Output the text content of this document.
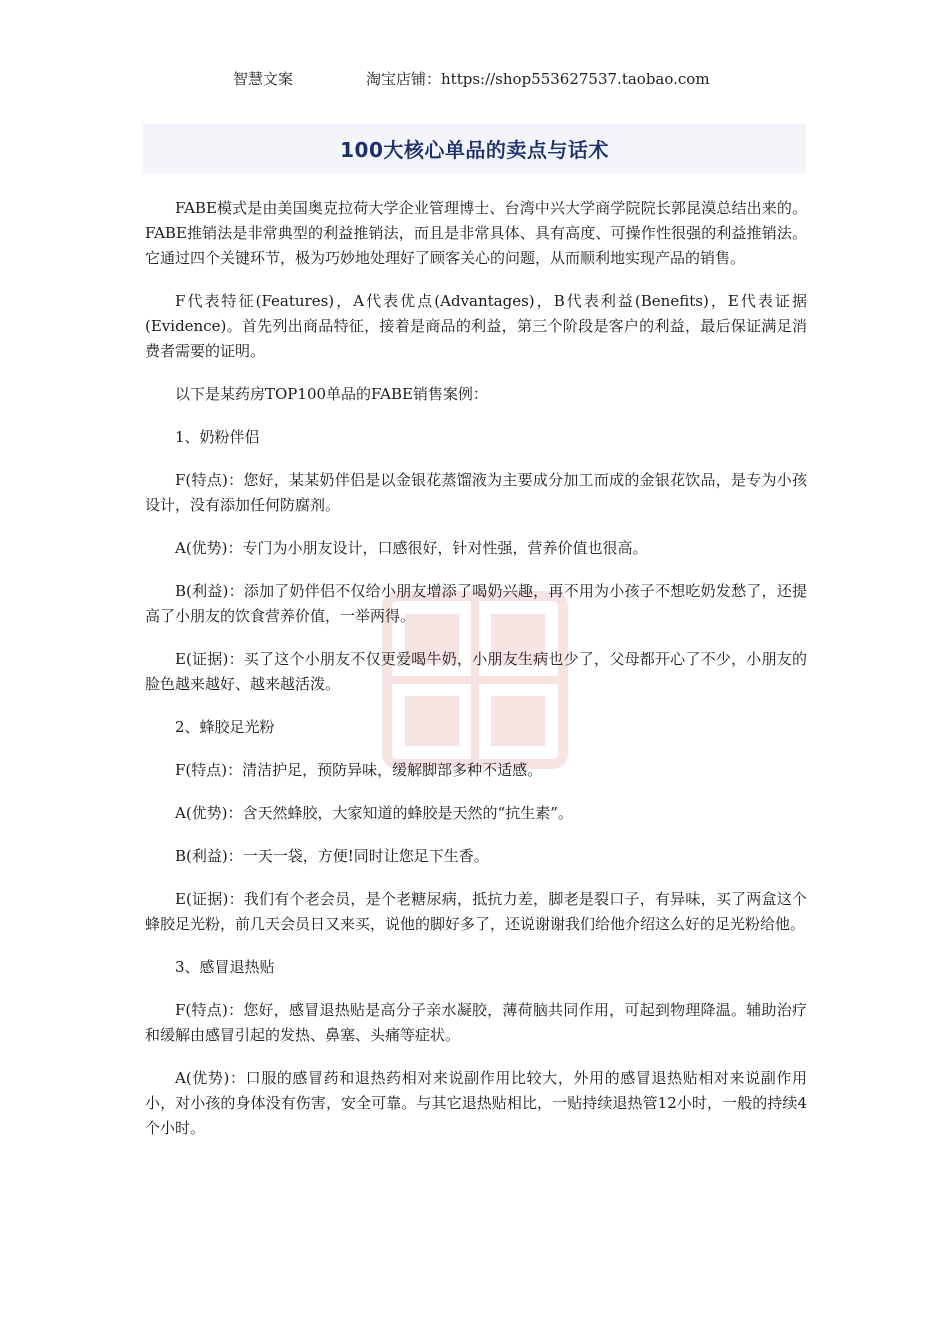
智慧文案	淘宝店铺：https://shop553627537.taobao.com
100大核心单品的卖点与话术

FABE模式是由美国奥克拉荷大学企业管理博士、台湾中兴大学商学院院长郭昆漠总结出来的。FABE推销法是非常典型的利益推销法，而且是非常具体、具有高度、可操作性很强的利益推销法。它通过四个关键环节，极为巧妙地处理好了顾客关心的问题，从而顺利地实现产品的销售。

F代表特征(Features)，A代表优点(Advantages)，B代表利益(Benefits)，E代表证据(Evidence)。首先列出商品特征，接着是商品的利益，第三个阶段是客户的利益，最后保证满足消费者需要的证明。

以下是某药房TOP100单品的FABE销售案例：

1、奶粉伴侣

F(特点)：您好，某某奶伴侣是以金银花蒸馏液为主要成分加工而成的金银花饮品，是专为小孩设计，没有添加任何防腐剂。

A(优势)：专门为小朋友设计，口感很好，针对性强，营养价值也很高。

B(利益)：添加了奶伴侣不仅给小朋友增添了喝奶兴趣，再不用为小孩子不想吃奶发愁了，还提高了小朋友的饮食营养价值，一举两得。

E(证据)：买了这个小朋友不仅更爱喝牛奶，小朋友生病也少了，父母都开心了不少，小朋友的脸色越来越好、越来越活泼。

2、蜂胶足光粉

F(特点)：清洁护足，预防异味，缓解脚部多种不适感。

A(优势)：含天然蜂胶，大家知道的蜂胶是天然的“抗生素”。

B(利益)：一天一袋，方便!同时让您足下生香。

E(证据)：我们有个老会员，是个老糖尿病，抵抗力差，脚老是裂口子，有异味，买了两盒这个蜂胶足光粉，前几天会员日又来买，说他的脚好多了，还说谢谢我们给他介绍这么好的足光粉给他。

3、感冒退热贴

F(特点)：您好，感冒退热贴是高分子亲水凝胶，薄荷脑共同作用，可起到物理降温。辅助治疗和缓解由感冒引起的发热、鼻塞、头痛等症状。

A(优势)：口服的感冒药和退热药相对来说副作用比较大，外用的感冒退热贴相对来说副作用小，对小孩的身体没有伤害，安全可靠。与其它退热贴相比，一贴持续退热管12小时，一般的持续4个小时。
